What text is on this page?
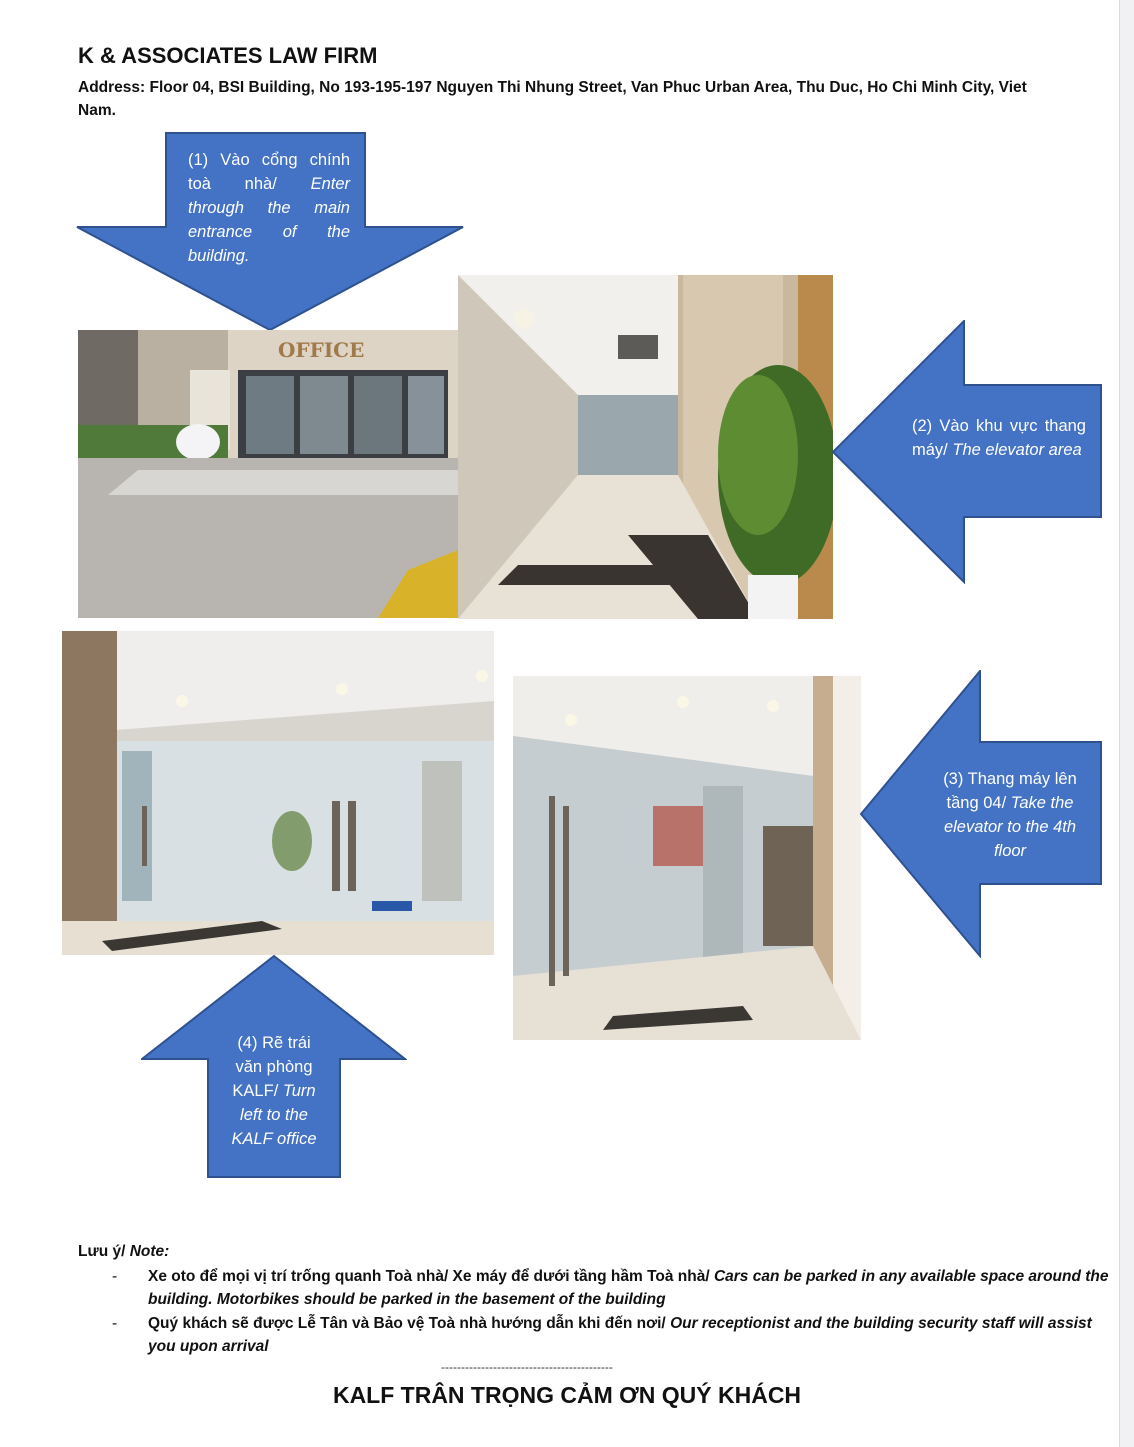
K & ASSOCIATES LAW FIRM

Address: Floor 04, BSI Building, No 193-195-197 Nguyen Thi Nhung Street, Van Phuc Urban Area, Thu Duc, Ho Chi Minh City, Viet Nam.

(1) Vào cổng chính toà nhà/ Enter through the main entrance of the building.
OFFICE
(2) Vào khu vực thang máy/ The elevator area
(3) Thang máy lên tầng 04/ Take the elevator to the 4th floor
(4) Rẽ trái văn phòng KALF/ Turn left to the KALF office
Lưu ý/ Note:
- Xe oto để mọi vị trí trống quanh Toà nhà/ Xe máy để dưới tầng hầm Toà nhà/ Cars can be parked in any available space around the building. Motorbikes should be parked in the basement of the building
- Quý khách sẽ được Lễ Tân và Bảo vệ Toà nhà hướng dẫn khi đến nơi/ Our receptionist and the building security staff will assist you upon arrival
-------------------------------------------
KALF TRÂN TRỌNG CẢM ƠN QUÝ KHÁCH
